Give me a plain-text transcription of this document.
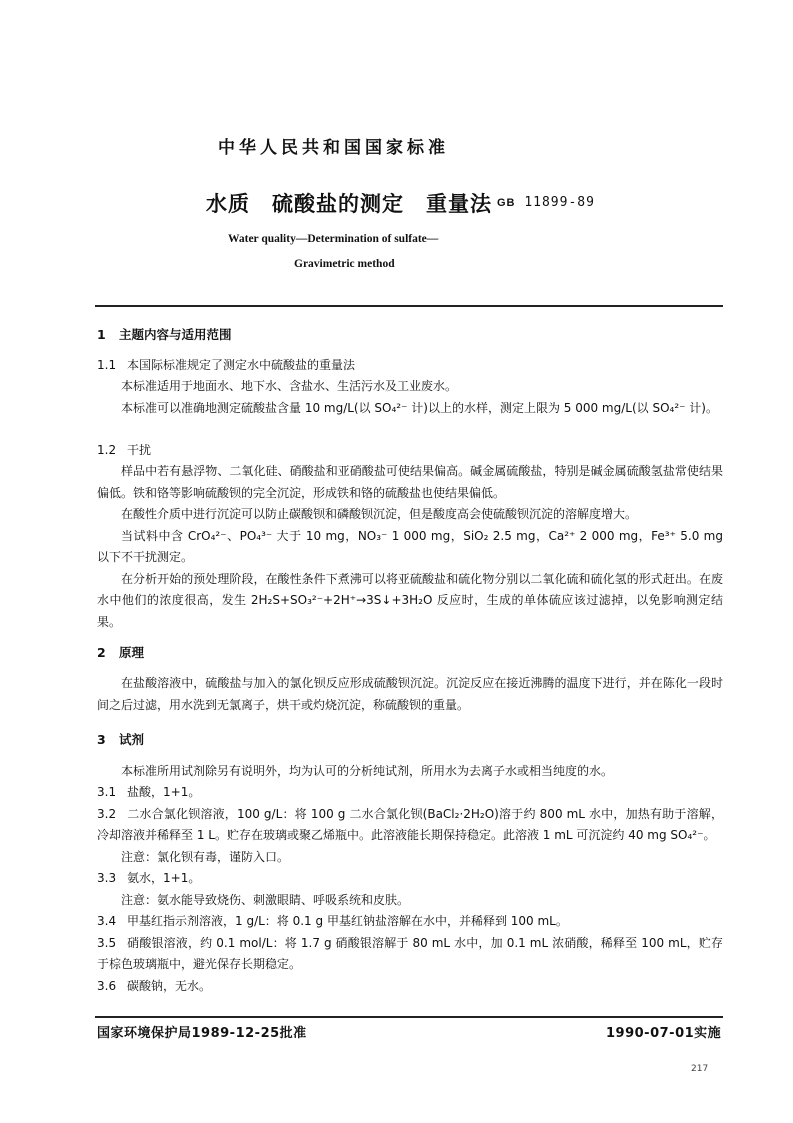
中华人民共和国国家标准
水质 硫酸盐的测定 重量法 GB 11899-89
Water quality—Determination of sulfate—
Gravimetric method
1 主题内容与适用范围
1.1 本国际标准规定了测定水中硫酸盐的重量法
本标准适用于地面水、地下水、含盐水、生活污水及工业废水。
本标准可以准确地测定硫酸盐含量 10 mg/L(以 SO₄²⁻ 计)以上的水样，测定上限为 5 000 mg/L(以 SO₄²⁻ 计)。
1.2 干扰
样品中若有悬浮物、二氧化硅、硝酸盐和亚硝酸盐可使结果偏高。碱金属硫酸盐，特别是碱金属硫酸氢盐常使结果偏低。铁和铬等影响硫酸钡的完全沉淀，形成铁和铬的硫酸盐也使结果偏低。
在酸性介质中进行沉淀可以防止碳酸钡和磷酸钡沉淀，但是酸度高会使硫酸钡沉淀的溶解度增大。
当试料中含 CrO₄²⁻、PO₄³⁻ 大于 10 mg，NO₃⁻ 1 000 mg，SiO₂ 2.5 mg，Ca²⁺ 2 000 mg，Fe³⁺ 5.0 mg 以下不干扰测定。
在分析开始的预处理阶段，在酸性条件下煮沸可以将亚硫酸盐和硫化物分别以二氧化硫和硫化氢的形式赶出。在废水中他们的浓度很高，发生 2H₂S+SO₃²⁻+2H⁺→3S↓+3H₂O 反应时，生成的单体硫应该过滤掉，以免影响测定结果。
2 原理
在盐酸溶液中，硫酸盐与加入的氯化钡反应形成硫酸钡沉淀。沉淀反应在接近沸腾的温度下进行，并在陈化一段时间之后过滤，用水洗到无氯离子，烘干或灼烧沉淀，称硫酸钡的重量。
3 试剂
本标准所用试剂除另有说明外，均为认可的分析纯试剂，所用水为去离子水或相当纯度的水。
3.1 盐酸，1+1。
3.2 二水合氯化钡溶液，100 g/L：将 100 g 二水合氯化钡(BaCl₂·2H₂O)溶于约 800 mL 水中，加热有助于溶解，冷却溶液并稀释至 1 L。贮存在玻璃或聚乙烯瓶中。此溶液能长期保持稳定。此溶液 1 mL 可沉淀约 40 mg SO₄²⁻。
注意：氯化钡有毒，谨防入口。
3.3 氨水，1+1。
注意：氨水能导致烧伤、刺激眼睛、呼吸系统和皮肤。
3.4 甲基红指示剂溶液，1 g/L：将 0.1 g 甲基红钠盐溶解在水中，并稀释到 100 mL。
3.5 硝酸银溶液，约 0.1 mol/L：将 1.7 g 硝酸银溶解于 80 mL 水中，加 0.1 mL 浓硝酸，稀释至 100 mL，贮存于棕色玻璃瓶中，避光保存长期稳定。
3.6 碳酸钠，无水。
国家环境保护局1989-12-25批准	1990-07-01实施
217
